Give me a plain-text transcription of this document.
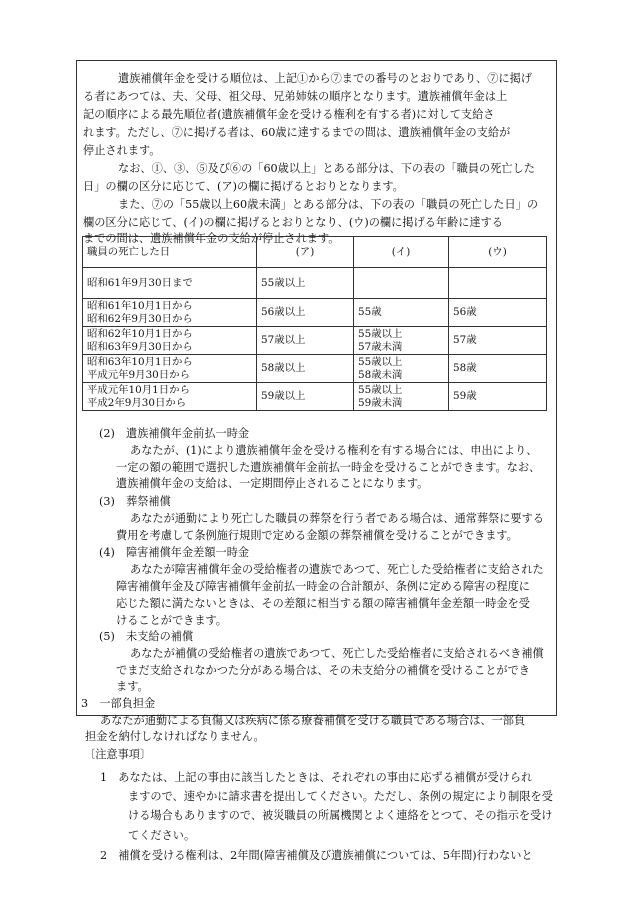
遺族補償年金を受ける順位は、上記①から⑦までの番号のとおりであり、⑦に掲げ
る者にあつては、夫、父母、祖父母、兄弟姉妹の順序となります。遺族補償年金は上
記の順序による最先順位者(遺族補償年金を受ける権利を有する者)に対して支給さ
れます。ただし、⑦に掲げる者は、60歳に達するまでの間は、遺族補償年金の支給が
停止されます。
なお、①、③、⑤及び⑥の「60歳以上」とある部分は、下の表の「職員の死亡した
日」の欄の区分に応じて、(ア)の欄に掲げるとおりとなります。
また、⑦の「55歳以上60歳未満」とある部分は、下の表の「職員の死亡した日」の
欄の区分に応じて、(イ)の欄に掲げるとおりとなり、(ウ)の欄に掲げる年齢に達する
までの間は、遺族補償年金の支給が停止されます。
職員の死亡した日	(ア)	(イ)	(ウ)
昭和61年9月30日まで	55歳以上		

昭和61年10月1日から
昭和62年9月30日から	56歳以上	55歳	56歳

昭和62年10月1日から
昭和63年9月30日から	57歳以上	55歳以上
57歳未満	57歳

昭和63年10月1日から
平成元年9月30日から	58歳以上	55歳以上
58歳未満	58歳

平成元年10月1日から
平成2年9月30日から	59歳以上	55歳以上
59歳未満	59歳
(2)　遺族補償年金前払一時金
あなたが、(1)により遺族補償年金を受ける権利を有する場合には、申出により、
一定の額の範囲で選択した遺族補償年金前払一時金を受けることができます。なお、
遺族補償年金の支給は、一定期間停止されることになります。
(3)　葬祭補償
あなたが通勤により死亡した職員の葬祭を行う者である場合は、通常葬祭に要する
費用を考慮して条例施行規則で定める金額の葬祭補償を受けることができます。
(4)　障害補償年金差額一時金
あなたが障害補償年金の受給権者の遺族であつて、死亡した受給権者に支給された
障害補償年金及び障害補償年金前払一時金の合計額が、条例に定める障害の程度に
応じた額に満たないときは、その差額に相当する額の障害補償年金差額一時金を受
けることができます。
(5)　未支給の補償
あなたが補償の受給権者の遺族であつて、死亡した受給権者に支給されるべき補償
でまだ支給されなかつた分がある場合は、その未支給分の補償を受けることができ
ます。
3　一部負担金
あなたが通勤による負傷又は疾病に係る療養補償を受ける職員である場合は、一部負
担金を納付しなければなりません。
〔注意事項〕
1　あなたは、上記の事由に該当したときは、それぞれの事由に応ずる補償が受けられ
ますので、速やかに請求書を提出してください。ただし、条例の規定により制限を受
ける場合もありますので、被災職員の所属機関とよく連絡をとつて、その指示を受け
てください。
2　補償を受ける権利は、2年間(障害補償及び遺族補償については、5年間)行わないと
